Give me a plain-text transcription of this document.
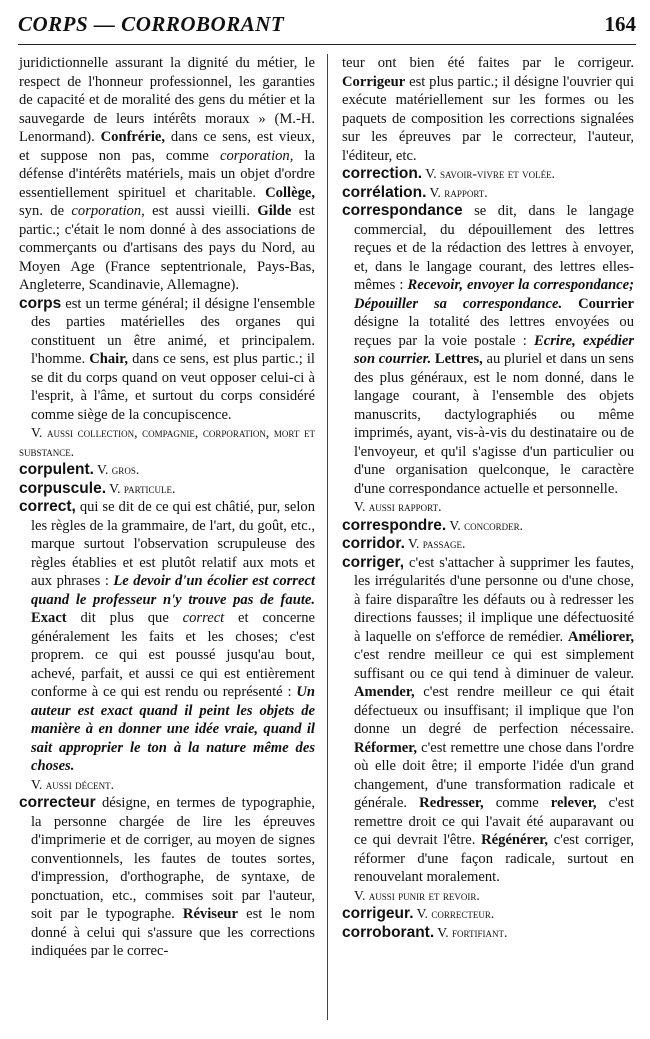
CORPS — CORROBORANT	164

juridictionnelle assurant la dignité du métier, le respect de l'honneur professionnel, les garanties de capacité et de moralité des gens du métier et la sauvegarde de leurs intérêts moraux » (M.-H. Lenormand). Confrérie, dans ce sens, est vieux, et suppose non pas, comme corporation, la défense d'intérêts matériels, mais un objet d'ordre essentiellement spirituel et charitable. Collège, syn. de corporation, est aussi vieilli. Gilde est partic.; c'était le nom donné à des associations de commerçants ou d'artisans des pays du Nord, au Moyen Age (France septentrionale, Pays-Bas, Angleterre, Scandinavie, Allemagne).

corps est un terme général; il désigne l'ensemble des parties matérielles des organes qui constituent un être animé, et principalem. l'homme. Chair, dans ce sens, est plus partic.; il se dit du corps quand on veut opposer celui-ci à l'esprit, à l'âme, et surtout du corps considéré comme siège de la concupiscence.

V. aussi collection, compagnie, corporation, mort et substance.

corpulent. V. gros.

corpuscule. V. particule.

correct, qui se dit de ce qui est châtié, pur, selon les règles de la grammaire, de l'art, du goût, etc., marque surtout l'observation scrupuleuse des règles établies et est plutôt relatif aux mots et aux phrases : Le devoir d'un écolier est correct quand le professeur n'y trouve pas de faute. Exact dit plus que correct et concerne généralement les faits et les choses; c'est proprem. ce qui est poussé jusqu'au bout, achevé, parfait, et aussi ce qui est entièrement conforme à ce qui est rendu ou représenté : Un auteur est exact quand il peint les objets de manière à en donner une idée vraie, quand il sait approprier le ton à la nature même des choses.

V. aussi décent.

correcteur désigne, en termes de typographie, la personne chargée de lire les épreuves d'imprimerie et de corriger, au moyen de signes conventionnels, les fautes de toutes sortes, d'impression, d'orthographe, de syntaxe, de ponctuation, etc., commises soit par l'auteur, soit par le typographe. Réviseur est le nom donné à celui qui s'assure que les corrections indiquées par le correc-

teur ont bien été faites par le corrigeur. Corrigeur est plus partic.; il désigne l'ouvrier qui exécute matériellement sur les formes ou les paquets de composition les corrections signalées sur les épreuves par le correcteur, l'auteur, l'éditeur, etc.

correction. V. savoir-vivre et volée.

corrélation. V. rapport.

correspondance se dit, dans le langage commercial, du dépouillement des lettres reçues et de la rédaction des lettres à envoyer, et, dans le langage courant, des lettres elles-mêmes : Recevoir, envoyer la correspondance; Dépouiller sa correspondance. Courrier désigne la totalité des lettres envoyées ou reçues par la voie postale : Ecrire, expédier son courrier. Lettres, au pluriel et dans un sens des plus généraux, est le nom donné, dans le langage courant, à l'ensemble des objets manuscrits, dactylographiés ou même imprimés, ayant, vis-à-vis du destinataire ou de l'envoyeur, et qu'il s'agisse d'un particulier ou d'une organisation quelconque, le caractère d'une correspondance actuelle et personnelle.

V. aussi rapport.

correspondre. V. concorder.

corridor. V. passage.

corriger, c'est s'attacher à supprimer les fautes, les irrégularités d'une personne ou d'une chose, à faire disparaître les défauts ou à redresser les directions fausses; il implique une défectuosité à laquelle on s'efforce de remédier. Améliorer, c'est rendre meilleur ce qui est simplement suffisant ou ce qui tend à diminuer de valeur. Amender, c'est rendre meilleur ce qui était défectueux ou insuffisant; il implique que l'on donne un degré de perfection nécessaire. Réformer, c'est remettre une chose dans l'ordre où elle doit être; il emporte l'idée d'un grand changement, d'une transformation radicale et générale. Redresser, comme relever, c'est remettre droit ce qui l'avait été auparavant ou ce qui devrait l'être. Régénérer, c'est corriger, réformer d'une façon radicale, surtout en renouvelant moralement.

V. aussi punir et revoir.

corrigeur. V. correcteur.

corroborant. V. fortifiant.
